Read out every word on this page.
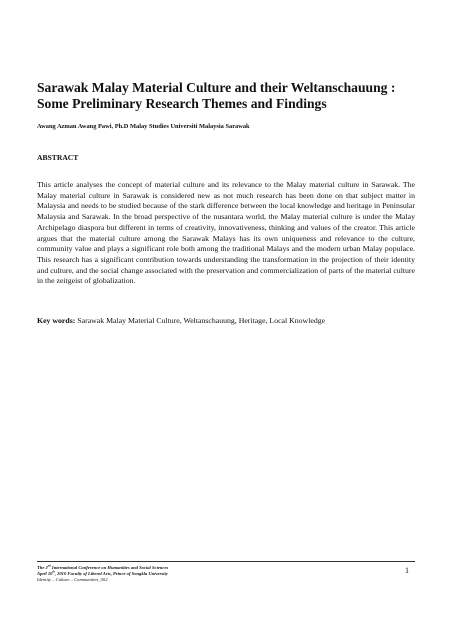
Sarawak Malay Material Culture and their Weltanschauung : Some Preliminary Research Themes and Findings
Awang Azman Awang Pawi, Ph.D Malay Studies Universiti Malaysia Sarawak
ABSTRACT

This article analyses the concept of material culture and its relevance to the Malay material culture in Sarawak. The Malay material culture in Sarawak is considered new as not much research has been done on that subject matter in Malaysia and needs to be studied because of the stark difference between the local knowledge and heritage in Peninsular Malaysia and Sarawak. In the broad perspective of the nusantara world, the Malay material culture is under the Malay Archipelago diaspora but different in terms of creativity, innovativeness, thinking and values of the creator. This article argues that the material culture among the Sarawak Malays has its own uniqueness and relevance to the culture, community value and plays a significant role both among the traditional Malays and the modern urban Malay populace. This research has a significant contribution towards understanding the transformation in the projection of their identity and culture, and the social change associated with the preservation and commercialization of parts of the material culture in the zeitgeist of globalization.

Key words: Sarawak Malay Material Culture, Weltanschauung, Heritage, Local Knowledge
The 2nd International Conference on Humanities and Social Sciences
April 10th, 2010 Faculty of Liberal Arts, Prince of Songkla University
Identity – Culture – Communities_002
1
